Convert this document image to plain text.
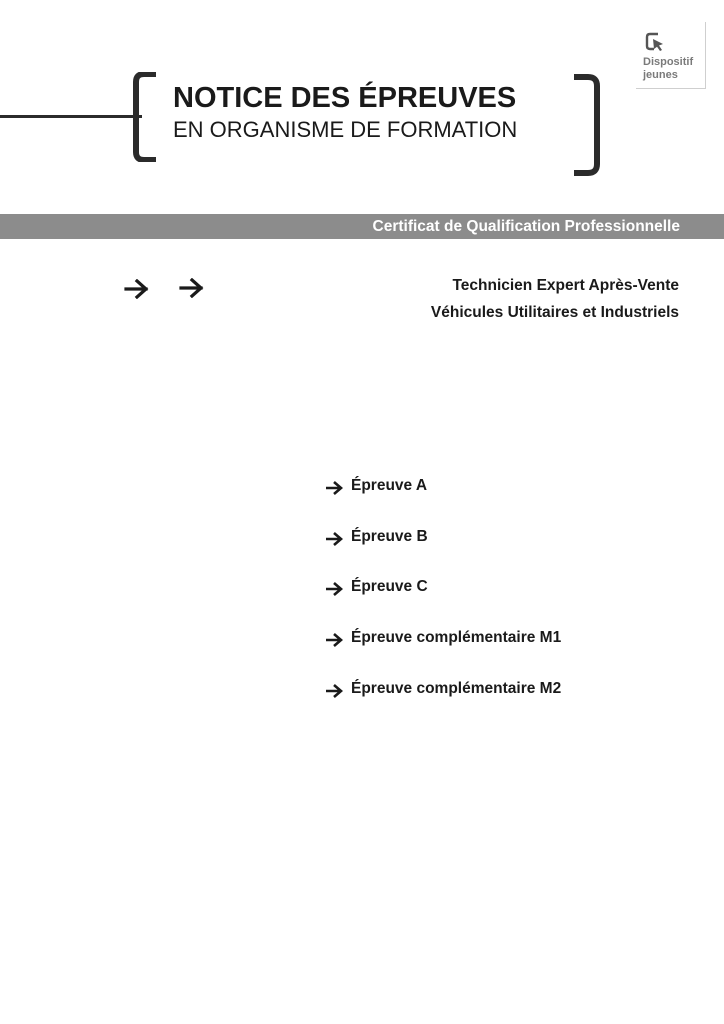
NOTICE DES ÉPREUVES
EN ORGANISME DE FORMATION
Dispositif
jeunes
Certificat de Qualification Professionnelle
Technicien Expert Après-Vente
Véhicules Utilitaires et Industriels
Épreuve A
Épreuve B
Épreuve C
Épreuve complémentaire M1
Épreuve complémentaire M2
